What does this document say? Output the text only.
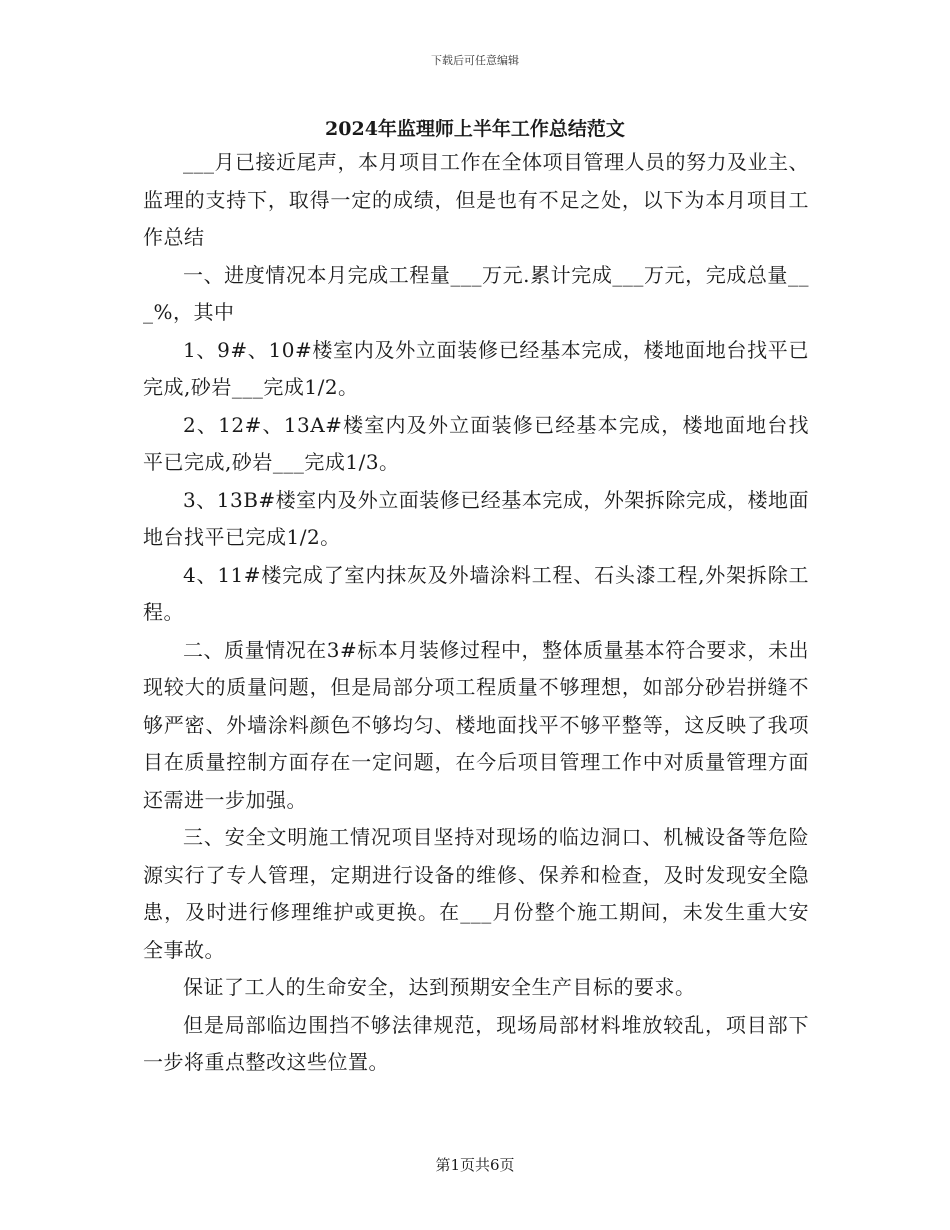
下载后可任意编辑
2024年监理师上半年工作总结范文

___月已接近尾声，本月项目工作在全体项目管理人员的努力及业主、监理的支持下，取得一定的成绩，但是也有不足之处，以下为本月项目工作总结

一、进度情况本月完成工程量___万元.累计完成___万元，完成总量___%，其中

1、9#、10#楼室内及外立面装修已经基本完成，楼地面地台找平已完成,砂岩___完成1/2。

2、12#、13A#楼室内及外立面装修已经基本完成，楼地面地台找平已完成,砂岩___完成1/3。

3、13B#楼室内及外立面装修已经基本完成，外架拆除完成，楼地面地台找平已完成1/2。

4、11#楼完成了室内抹灰及外墙涂料工程、石头漆工程,外架拆除工程。

二、质量情况在3#标本月装修过程中，整体质量基本符合要求，未出现较大的质量问题，但是局部分项工程质量不够理想，如部分砂岩拼缝不够严密、外墙涂料颜色不够均匀、楼地面找平不够平整等，这反映了我项目在质量控制方面存在一定问题，在今后项目管理工作中对质量管理方面还需进一步加强。

三、安全文明施工情况项目坚持对现场的临边洞口、机械设备等危险源实行了专人管理，定期进行设备的维修、保养和检查，及时发现安全隐患，及时进行修理维护或更换。在___月份整个施工期间，未发生重大安全事故。

保证了工人的生命安全，达到预期安全生产目标的要求。

但是局部临边围挡不够法律规范，现场局部材料堆放较乱，项目部下一步将重点整改这些位置。

第1页共6页
